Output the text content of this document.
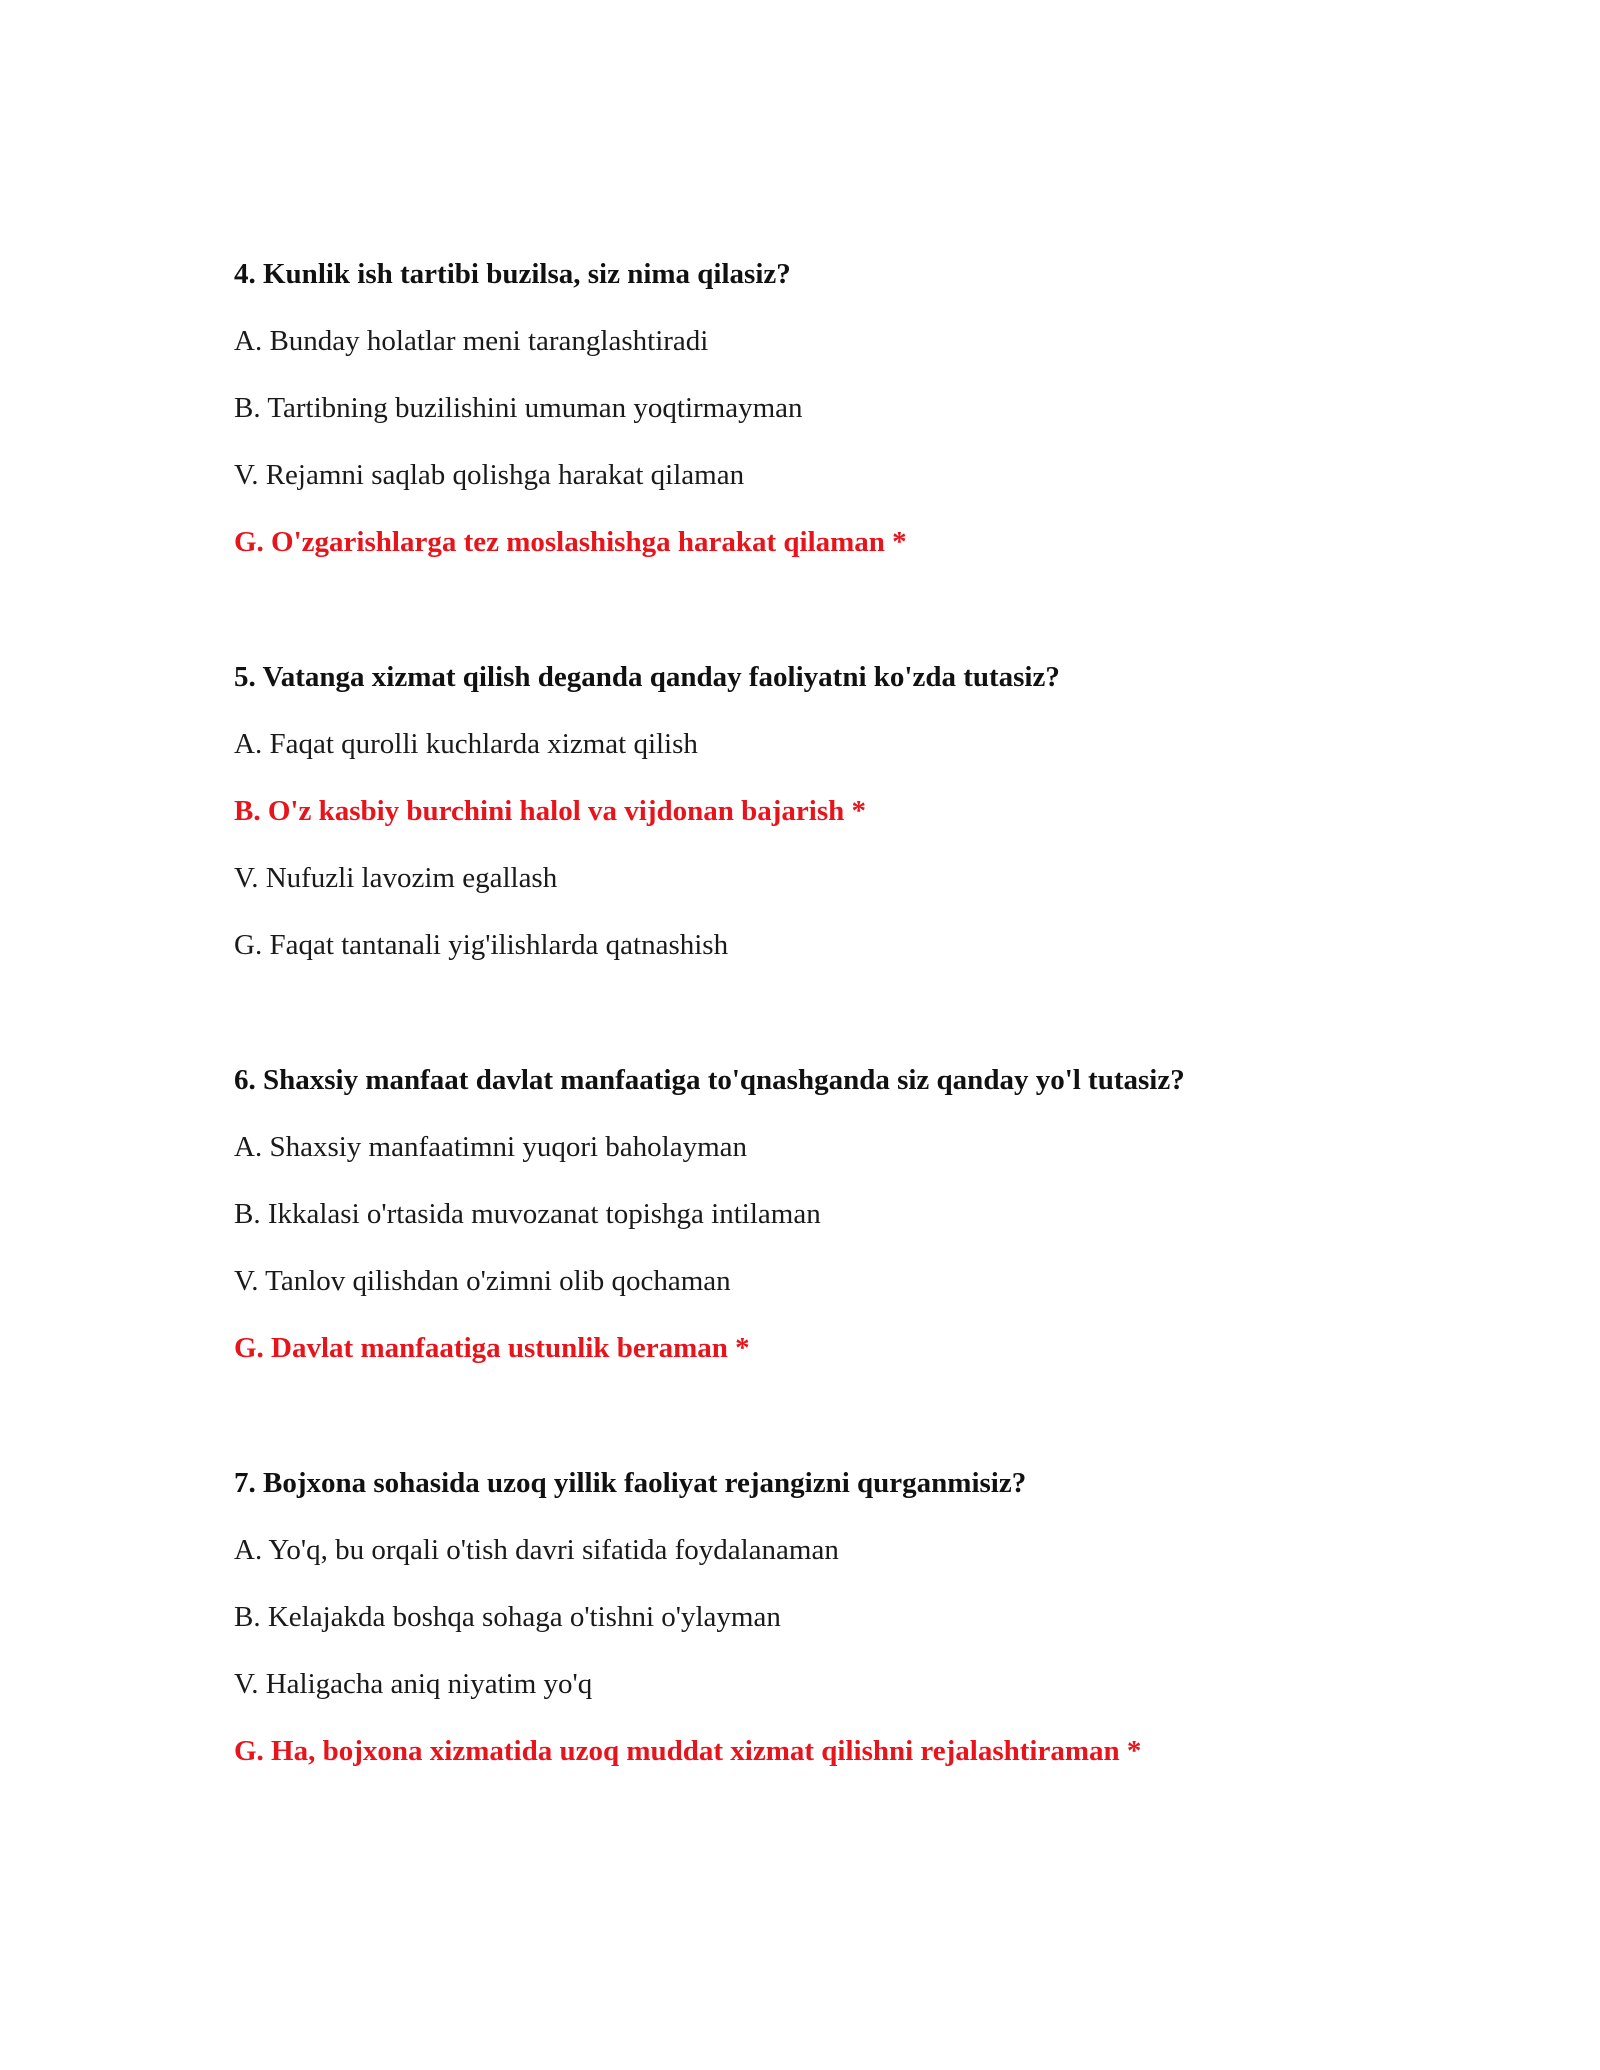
4. Kunlik ish tartibi buzilsa, siz nima qilasiz?
A. Bunday holatlar meni taranglashtiradi
B. Tartibning buzilishini umuman yoqtirmayman
V. Rejamni saqlab qolishga harakat qilaman
G. O'zgarishlarga tez moslashishga harakat qilaman *
5. Vatanga xizmat qilish deganda qanday faoliyatni ko'zda tutasiz?
A. Faqat qurolli kuchlarda xizmat qilish
B. O'z kasbiy burchini halol va vijdonan bajarish *
V. Nufuzli lavozim egallash
G. Faqat tantanali yig'ilishlarda qatnashish
6. Shaxsiy manfaat davlat manfaatiga to'qnashganda siz qanday yo'l tutasiz?
A. Shaxsiy manfaatimni yuqori baholayman
B. Ikkalasi o'rtasida muvozanat topishga intilaman
V. Tanlov qilishdan o'zimni olib qochaman
G. Davlat manfaatiga ustunlik beraman *
7. Bojxona sohasida uzoq yillik faoliyat rejangizni qurganmisiz?
A. Yo'q, bu orqali o'tish davri sifatida foydalanaman
B. Kelajakda boshqa sohaga o'tishni o'ylayman
V. Haligacha aniq niyatim yo'q
G. Ha, bojxona xizmatida uzoq muddat xizmat qilishni rejalashtiraman *
